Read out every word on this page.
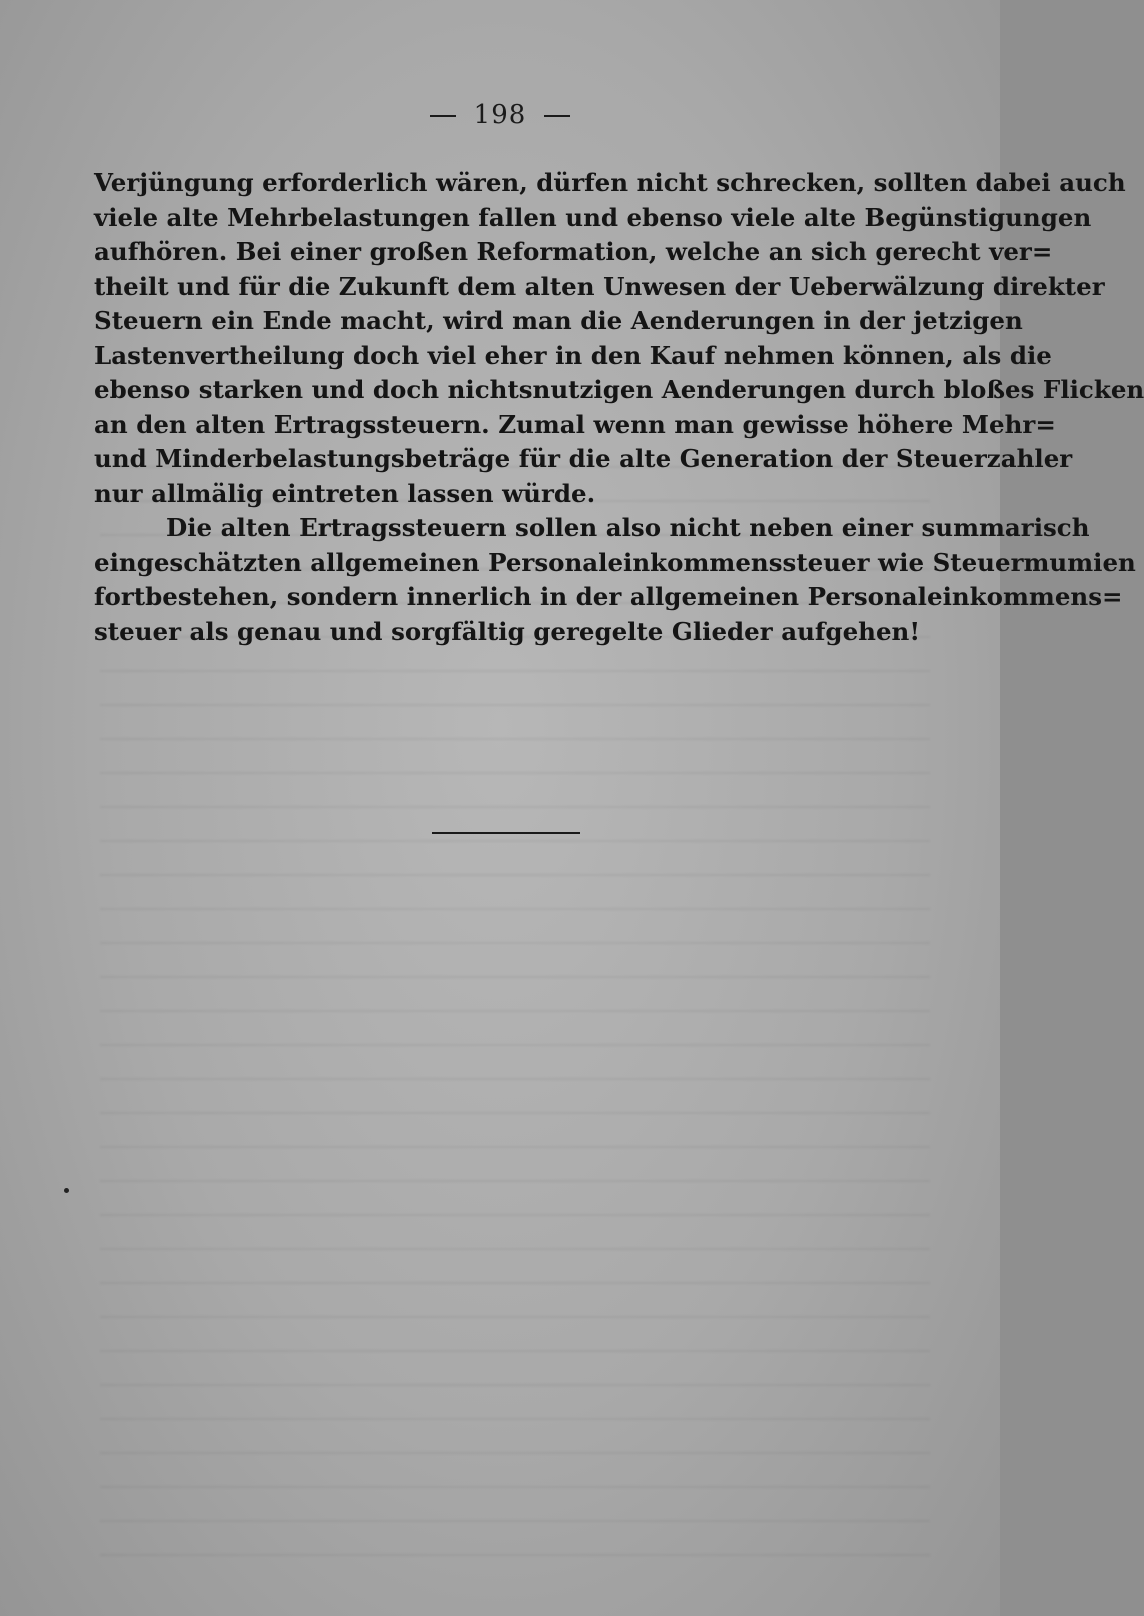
198
Verjüngung erforderlich wären, dürfen nicht schrecken, sollten dabei auch
viele alte Mehrbelastungen fallen und ebenso viele alte Begünstigungen
aufhören. Bei einer großen Reformation, welche an sich gerecht ver=
theilt und für die Zukunft dem alten Unwesen der Ueberwälzung direkter
Steuern ein Ende macht, wird man die Aenderungen in der jetzigen
Lastenvertheilung doch viel eher in den Kauf nehmen können, als die
ebenso starken und doch nichtsnutzigen Aenderungen durch bloßes Flicken
an den alten Ertragssteuern. Zumal wenn man gewisse höhere Mehr=
und Minderbelastungsbeträge für die alte Generation der Steuerzahler
nur allmälig eintreten lassen würde.
Die alten Ertragssteuern sollen also nicht neben einer summarisch
eingeschätzten allgemeinen Personaleinkommenssteuer wie Steuermumien
fortbestehen, sondern innerlich in der allgemeinen Personaleinkommens=
steuer als genau und sorgfältig geregelte Glieder aufgehen!
